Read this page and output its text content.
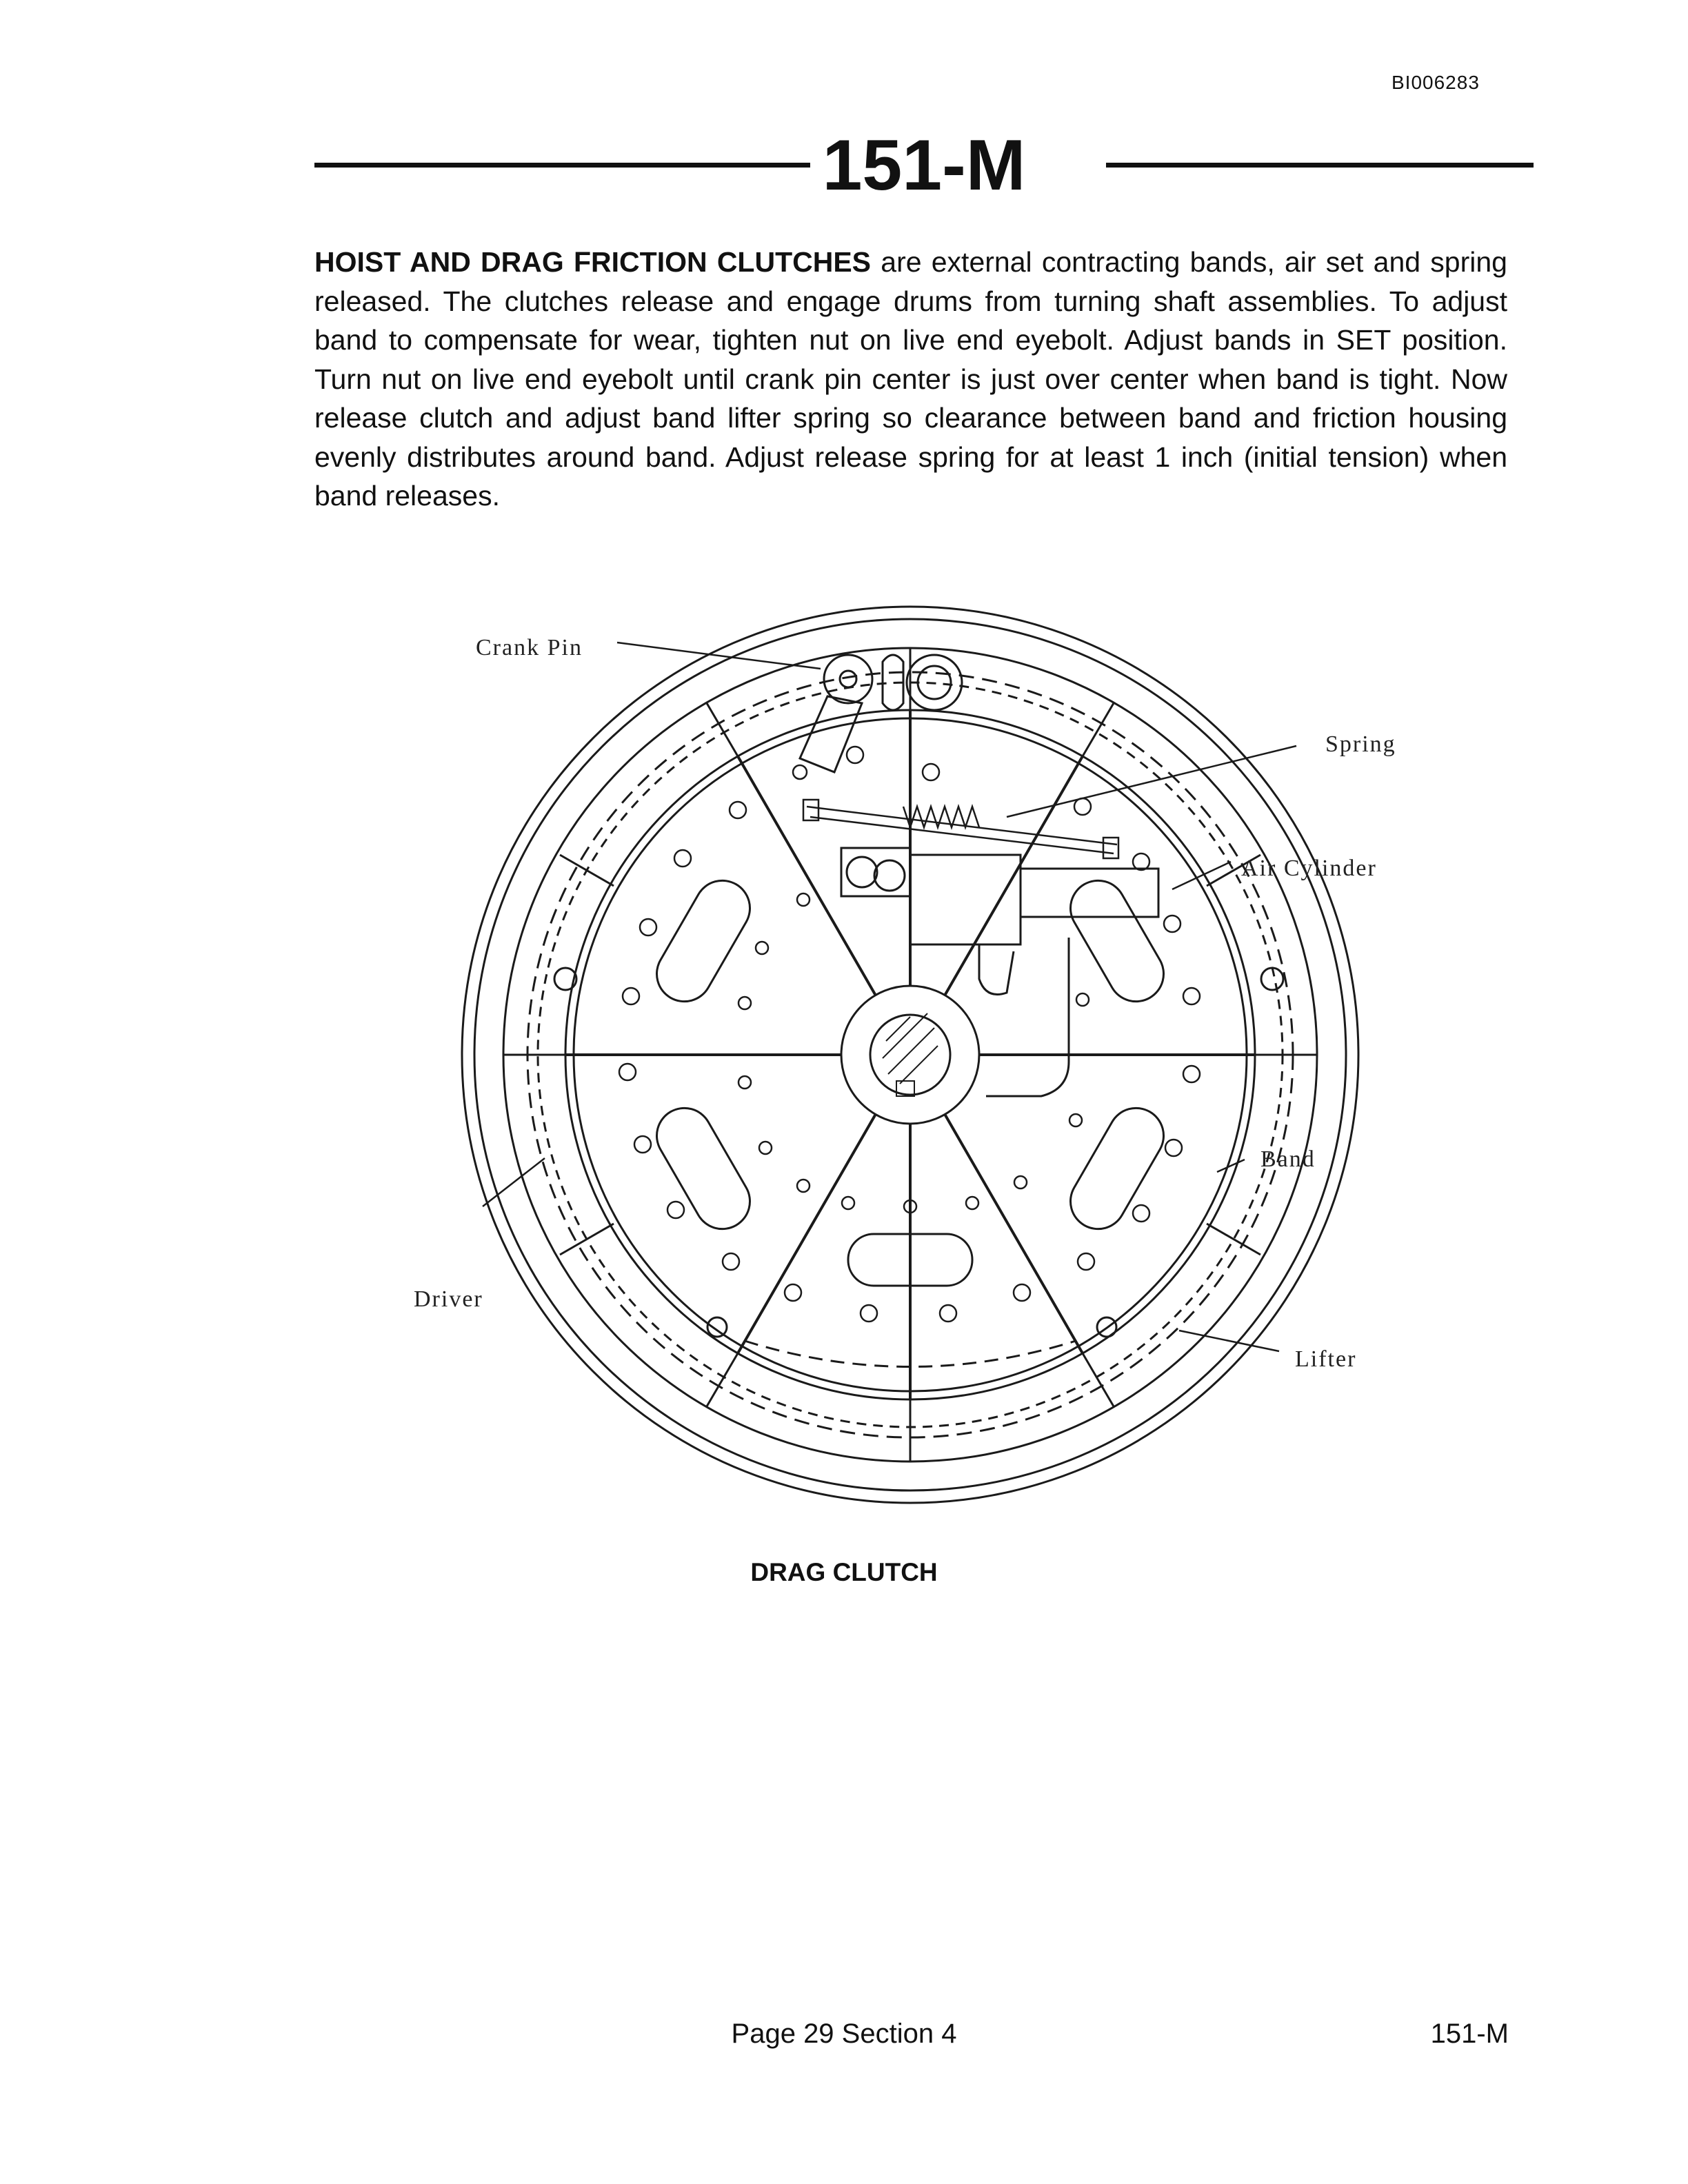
BI006283
151-M
HOIST AND DRAG FRICTION CLUTCHES are external contracting bands, air set and spring released. The clutches release and engage drums from turning shaft assemblies. To adjust band to compensate for wear, tighten nut on live end eyebolt. Adjust bands in SET position. Turn nut on live end eyebolt until crank pin center is just over center when band is tight. Now release clutch and adjust band lifter spring so clearance between band and friction housing evenly distributes around band. Adjust release spring for at least 1 inch (initial tension) when band releases.
Crank Pin
Spring
Air Cylinder
Band
Driver
Lifter
DRAG CLUTCH
Page 29 Section 4	151-M
